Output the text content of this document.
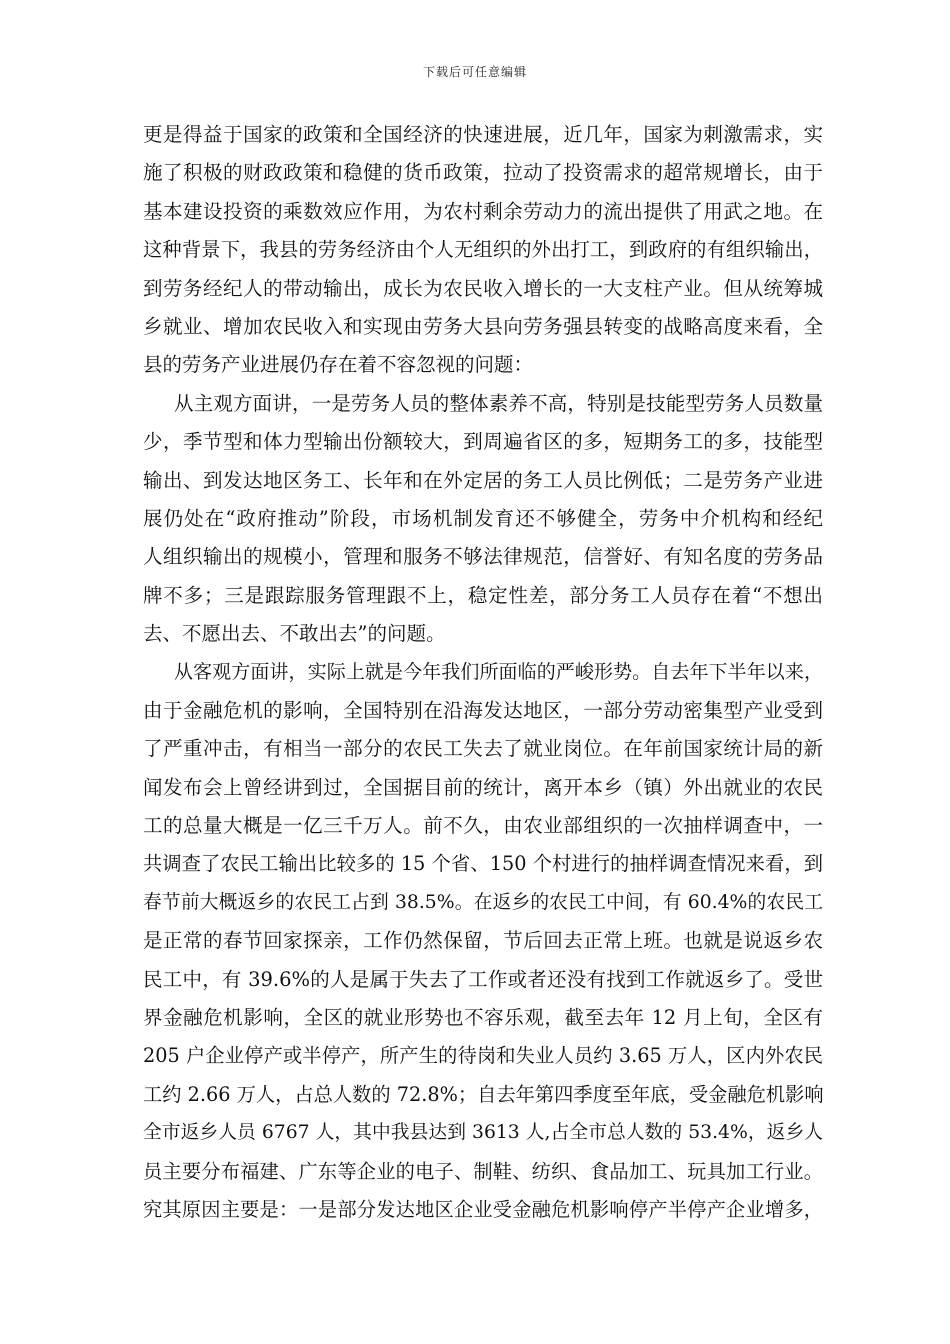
下载后可任意编辑
更是得益于国家的政策和全国经济的快速进展，近几年，国家为刺激需求，实
施了积极的财政政策和稳健的货币政策，拉动了投资需求的超常规增长，由于
基本建设投资的乘数效应作用，为农村剩余劳动力的流出提供了用武之地。在
这种背景下，我县的劳务经济由个人无组织的外出打工，到政府的有组织输出，
到劳务经纪人的带动输出，成长为农民收入增长的一大支柱产业。但从统筹城
乡就业、增加农民收入和实现由劳务大县向劳务强县转变的战略高度来看，全
县的劳务产业进展仍存在着不容忽视的问题：
从主观方面讲，一是劳务人员的整体素养不高，特别是技能型劳务人员数量
少，季节型和体力型输出份额较大，到周遍省区的多，短期务工的多，技能型
输出、到发达地区务工、长年和在外定居的务工人员比例低；二是劳务产业进
展仍处在“政府推动”阶段，市场机制发育还不够健全，劳务中介机构和经纪
人组织输出的规模小，管理和服务不够法律规范，信誉好、有知名度的劳务品
牌不多；三是跟踪服务管理跟不上，稳定性差，部分务工人员存在着“不想出
去、不愿出去、不敢出去”的问题。
从客观方面讲，实际上就是今年我们所面临的严峻形势。自去年下半年以来，
由于金融危机的影响，全国特别在沿海发达地区，一部分劳动密集型产业受到
了严重冲击，有相当一部分的农民工失去了就业岗位。在年前国家统计局的新
闻发布会上曾经讲到过，全国据目前的统计，离开本乡（镇）外出就业的农民
工的总量大概是一亿三千万人。前不久，由农业部组织的一次抽样调查中，一
共调查了农民工输出比较多的 15 个省、150 个村进行的抽样调查情况来看，到
春节前大概返乡的农民工占到 38.5%。在返乡的农民工中间，有 60.4%的农民工
是正常的春节回家探亲，工作仍然保留，节后回去正常上班。也就是说返乡农
民工中，有 39.6%的人是属于失去了工作或者还没有找到工作就返乡了。受世
界金融危机影响，全区的就业形势也不容乐观，截至去年 12 月上旬，全区有
205 户企业停产或半停产，所产生的待岗和失业人员约 3.65 万人，区内外农民
工约 2.66 万人，占总人数的 72.8%；自去年第四季度至年底，受金融危机影响
全市返乡人员 6767 人，其中我县达到 3613 人,占全市总人数的 53.4%，返乡人
员主要分布福建、广东等企业的电子、制鞋、纺织、食品加工、玩具加工行业。
究其原因主要是：一是部分发达地区企业受金融危机影响停产半停产企业增多，
